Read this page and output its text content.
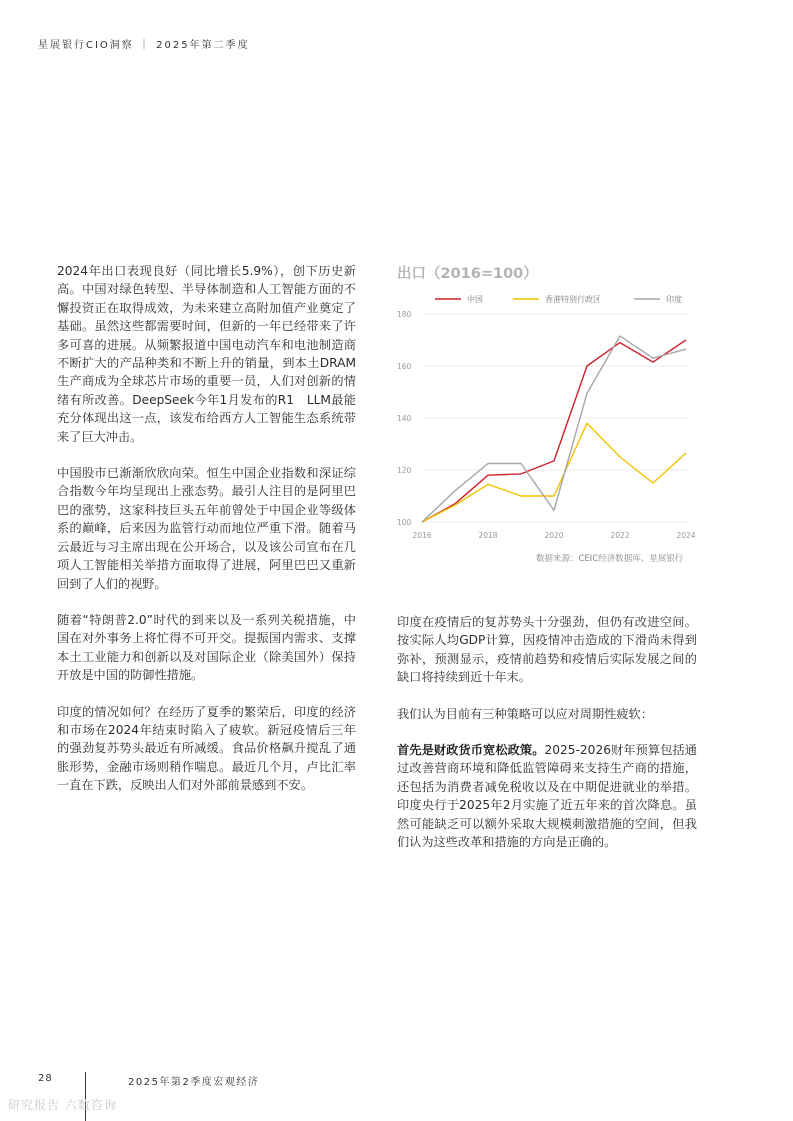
星展银行CIO洞察 ｜ 2025年第二季度

2024年出口表现良好（同比增长5.9%），创下历史新高。中国对绿色转型、半导体制造和人工智能方面的不懈投资正在取得成效，为未来建立高附加值产业奠定了基础。虽然这些都需要时间，但新的一年已经带来了许多可喜的进展。从频繁报道中国电动汽车和电池制造商不断扩大的产品种类和不断上升的销量，到本土DRAM生产商成为全球芯片市场的重要一员，人们对创新的情绪有所改善。DeepSeek今年1月发布的R1　LLM最能充分体现出这一点，该发布给西方人工智能生态系统带来了巨大冲击。

中国股市已渐渐欣欣向荣。恒生中国企业指数和深证综合指数今年均呈现出上涨态势。最引人注目的是阿里巴巴的涨势，这家科技巨头五年前曾处于中国企业等级体系的巅峰，后来因为监管行动而地位严重下滑。随着马云最近与习主席出现在公开场合，以及该公司宣布在几项人工智能相关举措方面取得了进展，阿里巴巴又重新回到了人们的视野。

随着“特朗普2.0”时代的到来以及一系列关税措施，中国在对外事务上将忙得不可开交。提振国内需求、支撑本土工业能力和创新以及对国际企业（除美国外）保持开放是中国的防御性措施。

印度的情况如何？在经历了夏季的繁荣后，印度的经济和市场在2024年结束时陷入了疲软。新冠疫情后三年的强劲复苏势头最近有所减缓。食品价格飙升搅乱了通胀形势，金融市场则稍作喘息。最近几个月，卢比汇率一直在下跌，反映出人们对外部前景感到不安。

出口（2016=100）
100
120
140
160
180
2016	2018	2020	2022	2024
中国	香港特别行政区	印度
数据来源：CEIC经济数据库、星展银行

印度在疫情后的复苏势头十分强劲，但仍有改进空间。按实际人均GDP计算，因疫情冲击造成的下滑尚未得到弥补，预测显示，疫情前趋势和疫情后实际发展之间的缺口将持续到近十年末。

我们认为目前有三种策略可以应对周期性疲软：

首先是财政货币宽松政策。2025-2026财年预算包括通过改善营商环境和降低监管障碍来支持生产商的措施，还包括为消费者减免税收以及在中期促进就业的举措。印度央行于2025年2月实施了近五年来的首次降息。虽然可能缺乏可以额外采取大规模刺激措施的空间，但我们认为这些改革和措施的方向是正确的。

28	2025年第2季度宏观经济
研究报告 六数咨询
